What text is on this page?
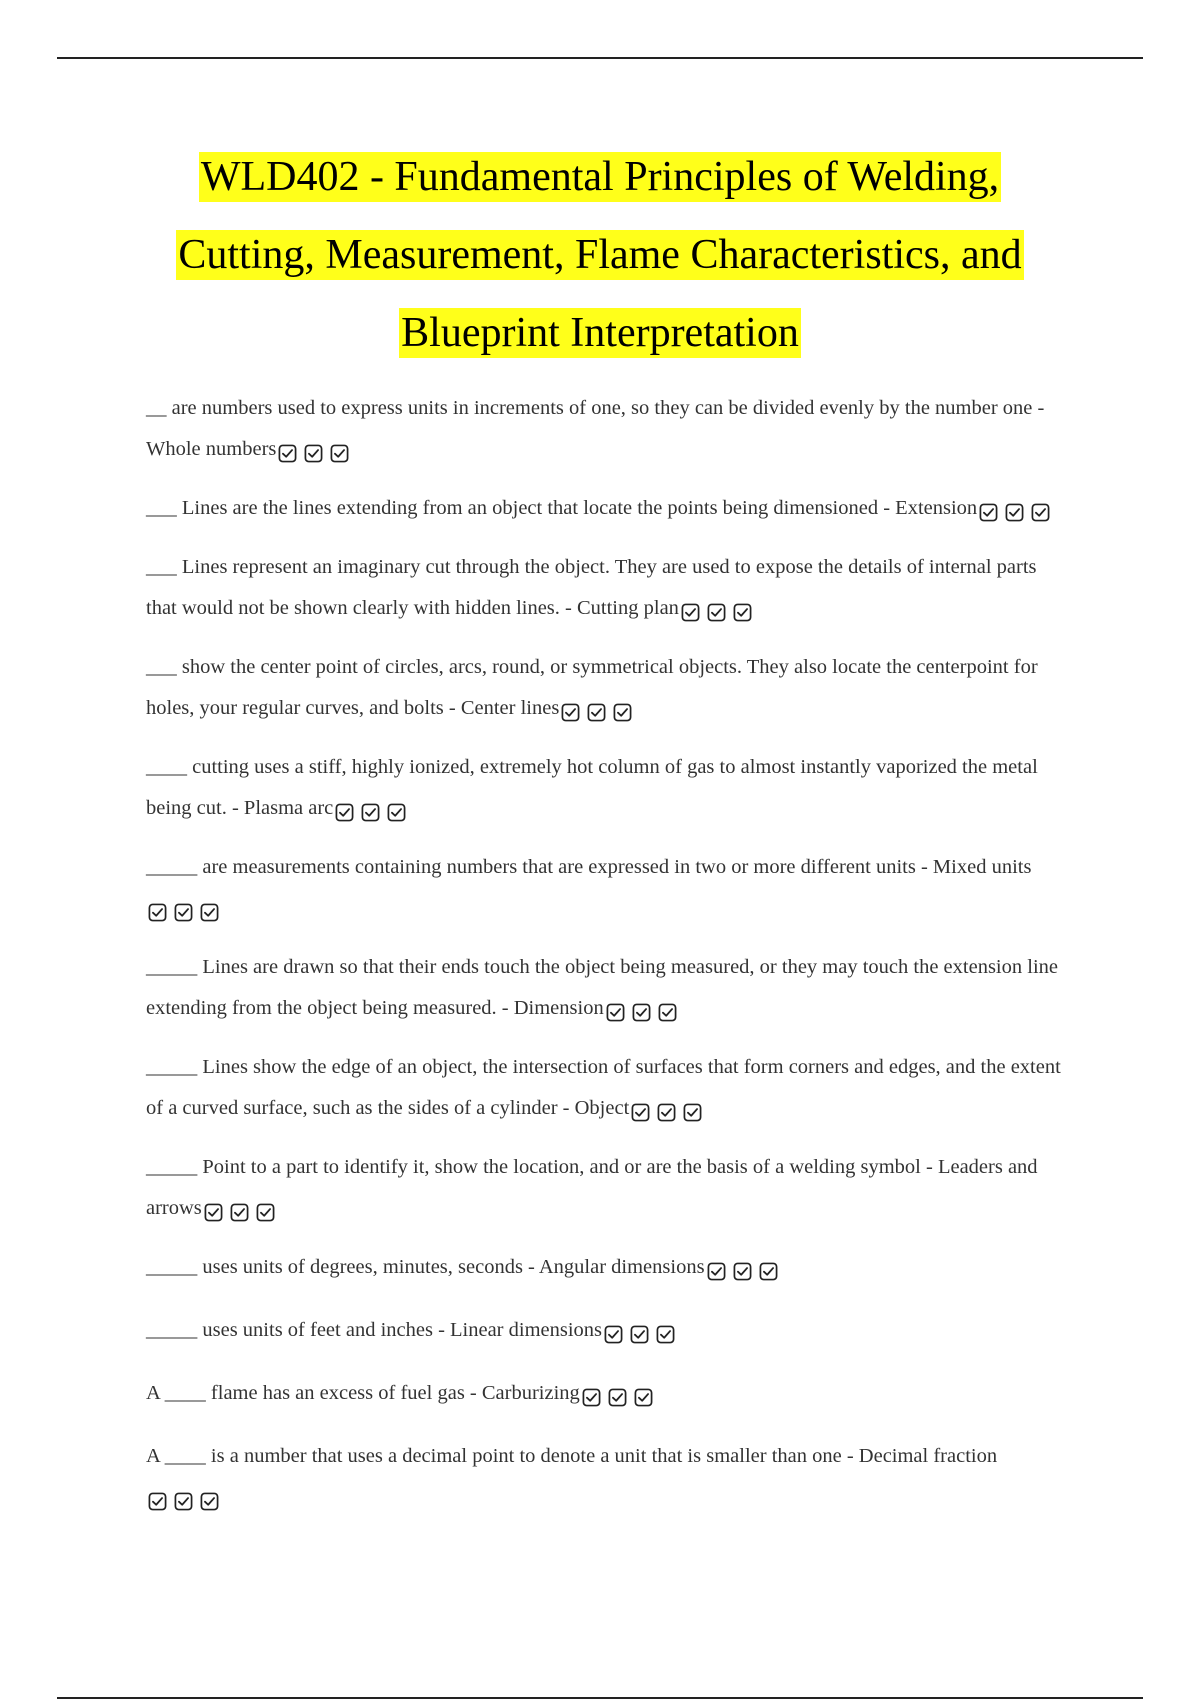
WLD402 - Fundamental Principles of Welding,
Cutting, Measurement, Flame Characteristics, and
Blueprint Interpretation
__ are numbers used to express units in increments of one, so they can be divided evenly by the number one - Whole numbers
___ Lines are the lines extending from an object that locate the points being dimensioned - Extension
___ Lines represent an imaginary cut through the object. They are used to expose the details of internal parts that would not be shown clearly with hidden lines. - Cutting plan
___ show the center point of circles, arcs, round, or symmetrical objects. They also locate the centerpoint for holes, your regular curves, and bolts - Center lines
____ cutting uses a stiff, highly ionized, extremely hot column of gas to almost instantly vaporized the metal being cut. - Plasma arc
_____ are measurements containing numbers that are expressed in two or more different units - Mixed units
_____ Lines are drawn so that their ends touch the object being measured, or they may touch the extension line extending from the object being measured. - Dimension
_____ Lines show the edge of an object, the intersection of surfaces that form corners and edges, and the extent of a curved surface, such as the sides of a cylinder - Object
_____ Point to a part to identify it, show the location, and or are the basis of a welding symbol - Leaders and arrows
_____ uses units of degrees, minutes, seconds - Angular dimensions
_____ uses units of feet and inches - Linear dimensions
A ____ flame has an excess of fuel gas - Carburizing
A ____ is a number that uses a decimal point to denote a unit that is smaller than one - Decimal fraction
